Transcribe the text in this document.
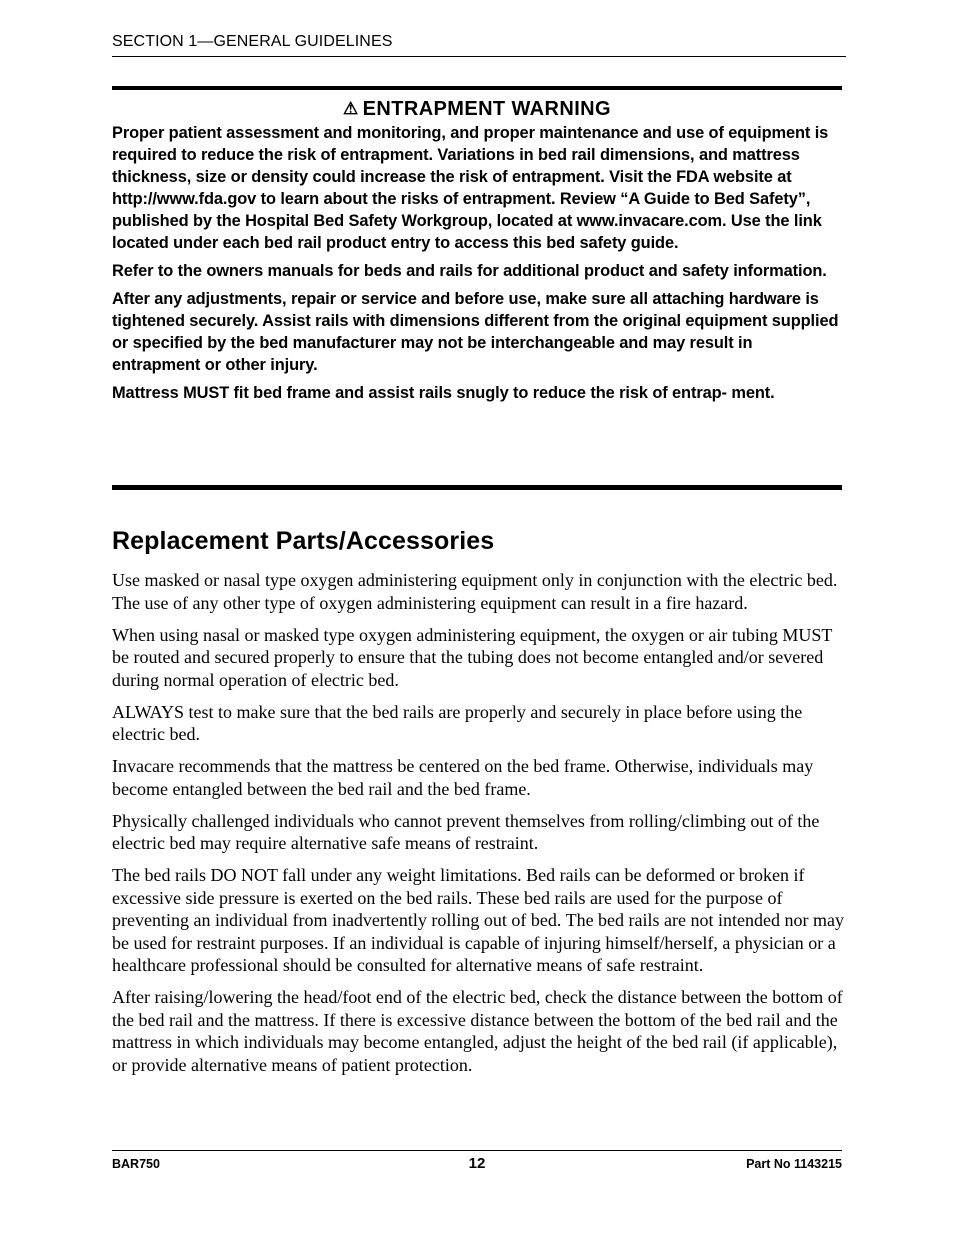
SECTION 1—GENERAL GUIDELINES
⚠ ENTRAPMENT WARNING

Proper patient assessment and monitoring, and proper maintenance and use of equipment is required to reduce the risk of entrapment. Variations in bed rail dimensions, and mattress thickness, size or density could increase the risk of entrapment. Visit the FDA website at http://www.fda.gov to learn about the risks of entrapment. Review “A Guide to Bed Safety”, published by the Hospital Bed Safety Workgroup, located at www.invacare.com. Use the link located under each bed rail product entry to access this bed safety guide.

Refer to the owners manuals for beds and rails for additional product and safety information.

After any adjustments, repair or service and before use, make sure all attaching hardware is tightened securely. Assist rails with dimensions different from the original equipment supplied or specified by the bed manufacturer may not be interchangeable and may result in entrapment or other injury.

Mattress MUST fit bed frame and assist rails snugly to reduce the risk of entrap- ment.

Replacement Parts/Accessories

Use masked or nasal type oxygen administering equipment only in conjunction with the electric bed. The use of any other type of oxygen administering equipment can result in a fire hazard.

When using nasal or masked type oxygen administering equipment, the oxygen or air tubing MUST be routed and secured properly to ensure that the tubing does not become entangled and/or severed during normal operation of electric bed.

ALWAYS test to make sure that the bed rails are properly and securely in place before using the electric bed.

Invacare recommends that the mattress be centered on the bed frame. Otherwise, individuals may become entangled between the bed rail and the bed frame.

Physically challenged individuals who cannot prevent themselves from rolling/climbing out of the electric bed may require alternative safe means of restraint.

The bed rails DO NOT fall under any weight limitations. Bed rails can be deformed or broken if excessive side pressure is exerted on the bed rails. These bed rails are used for the purpose of preventing an individual from inadvertently rolling out of bed. The bed rails are not intended nor may be used for restraint purposes. If an individual is capable of injuring himself/herself, a physician or a healthcare professional should be consulted for alternative means of safe restraint.

After raising/lowering the head/foot end of the electric bed, check the distance between the bottom of the bed rail and the mattress. If there is excessive distance between the bottom of the bed rail and the mattress in which individuals may become entangled, adjust the height of the bed rail (if applicable), or provide alternative means of patient protection.

BAR750	12	Part No 1143215
